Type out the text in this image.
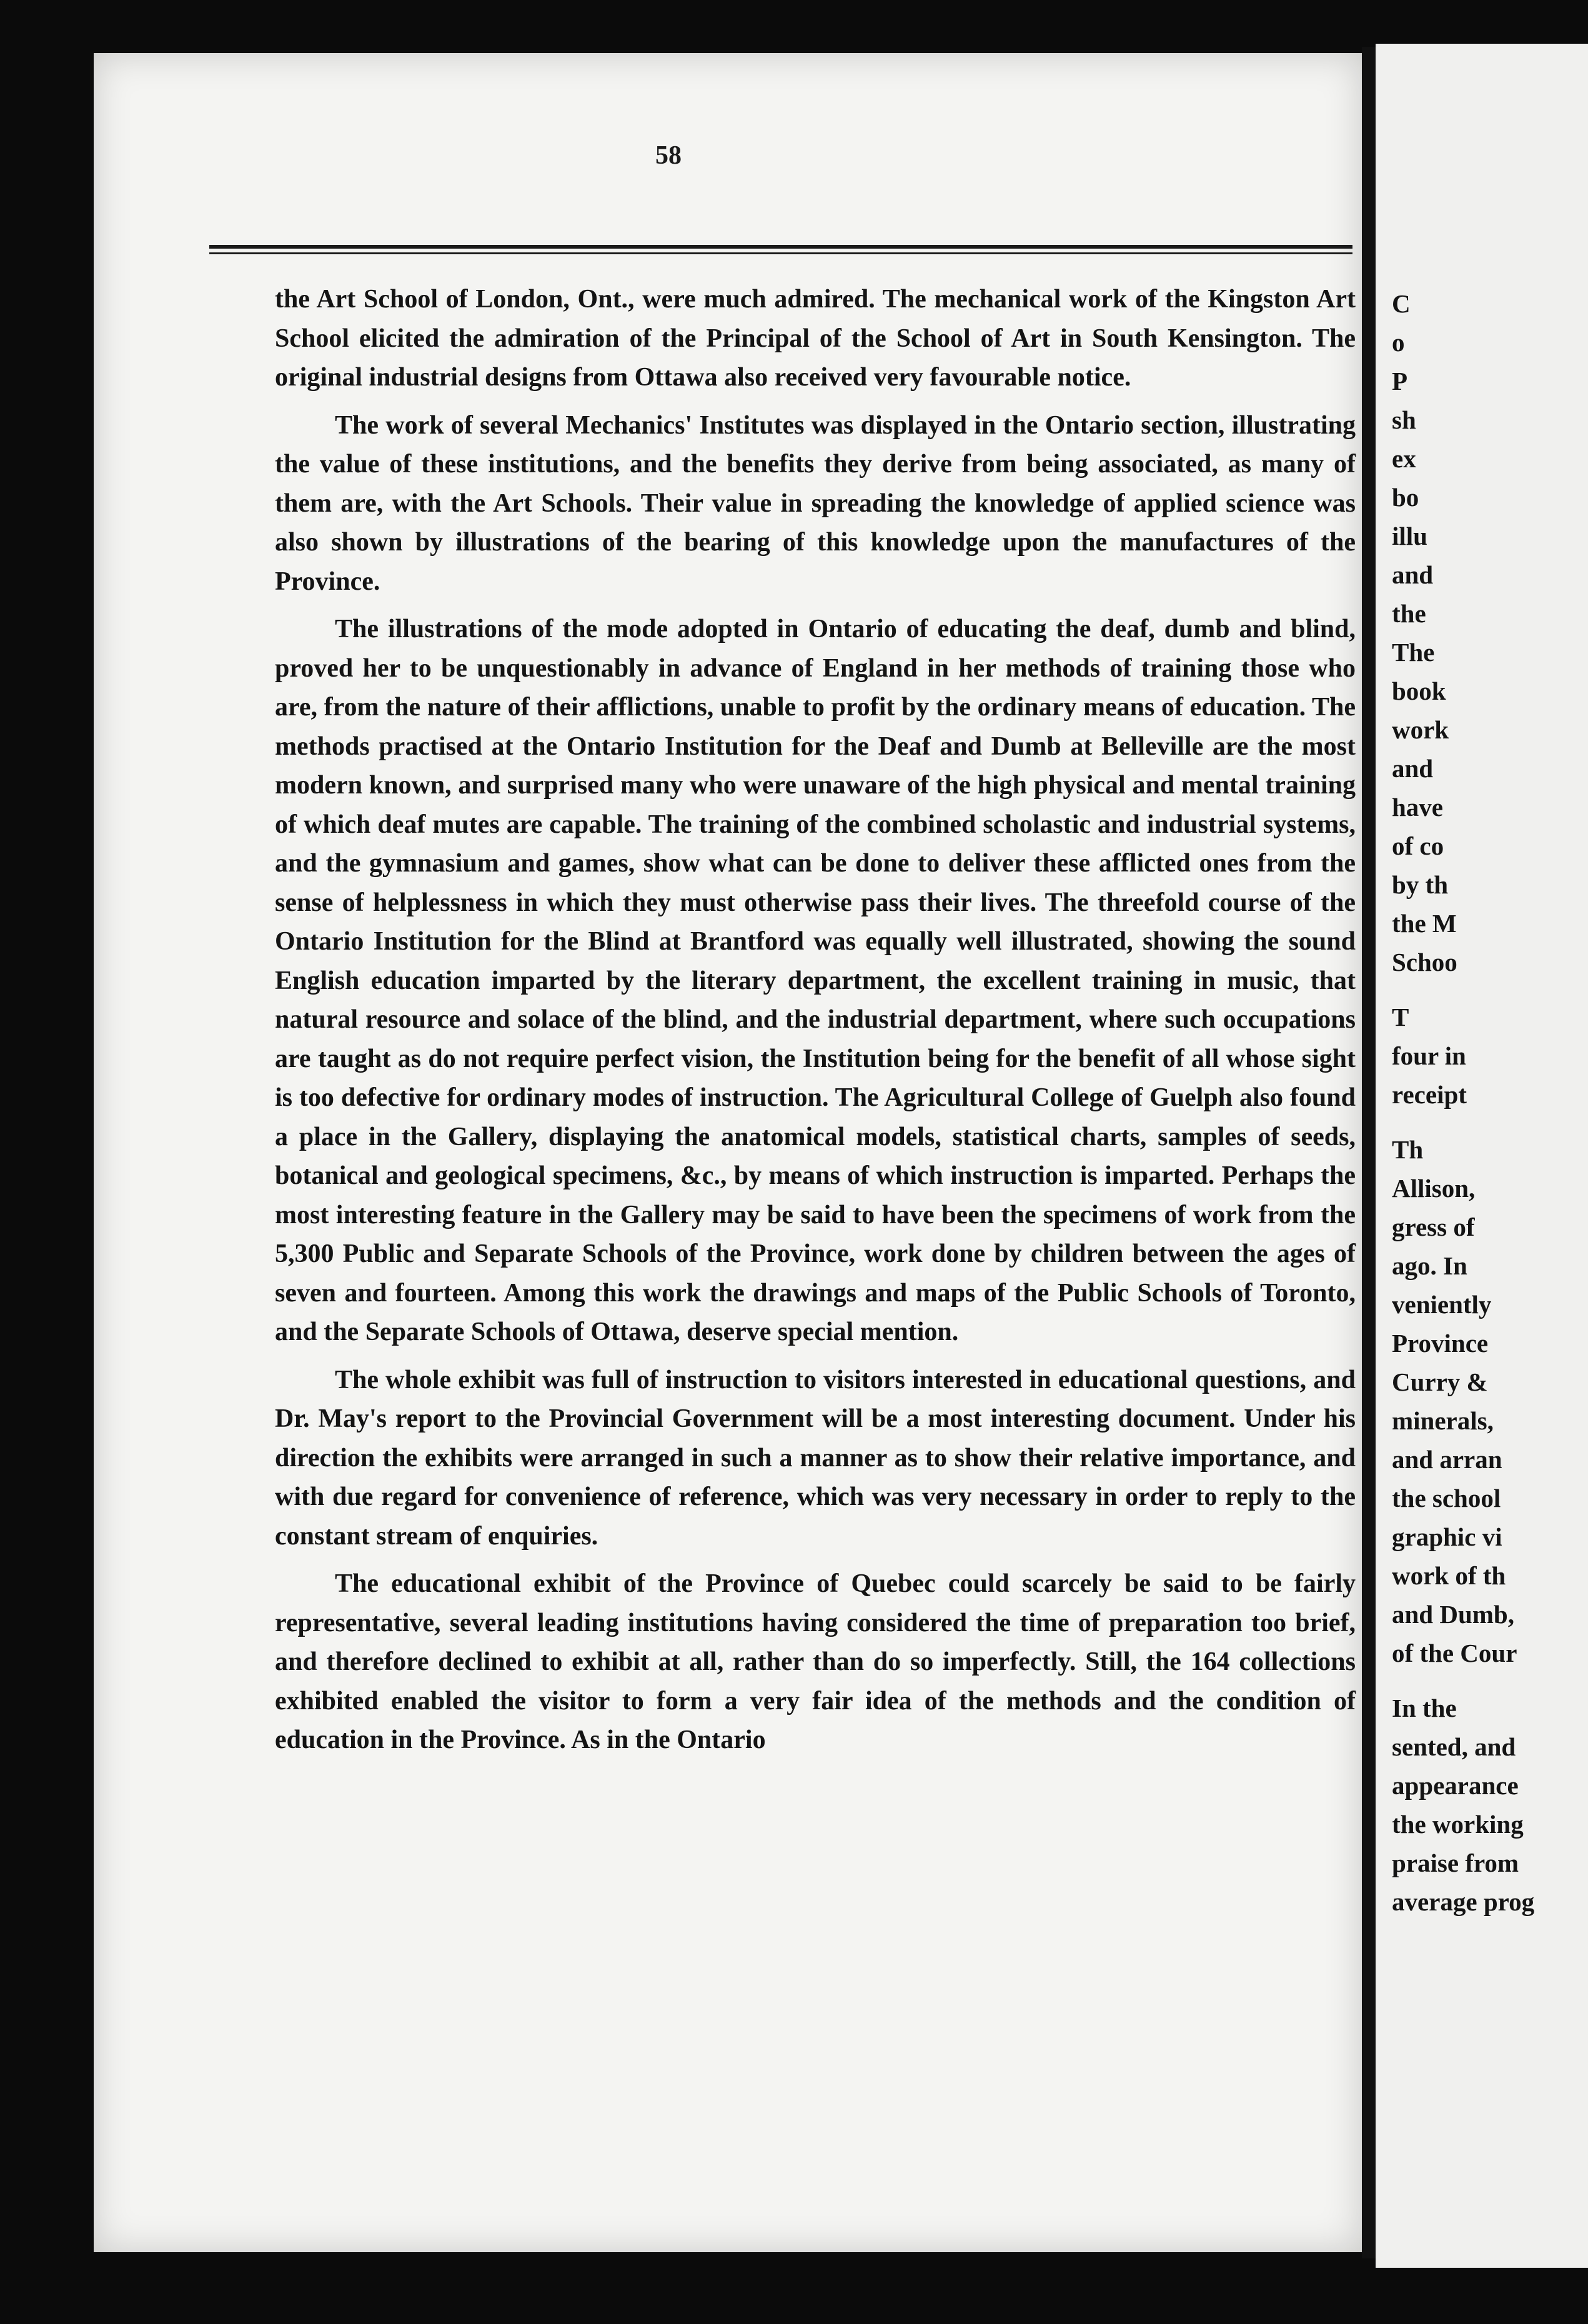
58

the Art School of London, Ont., were much admired. The mechanical work of the Kingston Art School elicited the admiration of the Principal of the School of Art in South Kensington. The original industrial designs from Ottawa also received very favourable notice.

The work of several Mechanics' Institutes was displayed in the Ontario section, illustrating the value of these institutions, and the benefits they derive from being associated, as many of them are, with the Art Schools. Their value in spreading the knowledge of applied science was also shown by illustrations of the bearing of this knowledge upon the manufactures of the Province.

The illustrations of the mode adopted in Ontario of educating the deaf, dumb and blind, proved her to be unquestionably in advance of England in her methods of training those who are, from the nature of their afflictions, unable to profit by the ordinary means of education. The methods practised at the Ontario Institution for the Deaf and Dumb at Belleville are the most modern known, and surprised many who were unaware of the high physical and mental training of which deaf mutes are capable. The training of the combined scholastic and industrial systems, and the gymnasium and games, show what can be done to deliver these afflicted ones from the sense of helplessness in which they must otherwise pass their lives. The threefold course of the Ontario Institution for the Blind at Brantford was equally well illustrated, showing the sound English education imparted by the literary department, the excellent training in music, that natural resource and solace of the blind, and the industrial department, where such occupations are taught as do not require perfect vision, the Institution being for the benefit of all whose sight is too defective for ordinary modes of instruction. The Agricultural College of Guelph also found a place in the Gallery, displaying the anatomical models, statistical charts, samples of seeds, botanical and geological specimens, &c., by means of which instruction is imparted. Perhaps the most interesting feature in the Gallery may be said to have been the specimens of work from the 5,300 Public and Separate Schools of the Province, work done by children between the ages of seven and fourteen. Among this work the drawings and maps of the Public Schools of Toronto, and the Separate Schools of Ottawa, deserve special mention.

The whole exhibit was full of instruction to visitors interested in educational questions, and Dr. May's report to the Provincial Government will be a most interesting document. Under his direction the exhibits were arranged in such a manner as to show their relative importance, and with due regard for convenience of reference, which was very necessary in order to reply to the constant stream of enquiries.

The educational exhibit of the Province of Quebec could scarcely be said to be fairly representative, several leading institutions having considered the time of preparation too brief, and therefore declined to exhibit at all, rather than do so imperfectly. Still, the 164 collections exhibited enabled the visitor to form a very fair idea of the methods and the condition of education in the Province. As in the Ontario

C
o
P
sh
ex
bo
illu
and
the
The
book
work
and
have
of co
by th
the M
Schoo
T
four in
receipt
Th
Allison,
gress of
ago. In
veniently
Province
Curry &
minerals,
and arran
the school
graphic vi
work of th
and Dumb,
of the Cour
In the
sented, and
appearance
the working
praise from
average prog
